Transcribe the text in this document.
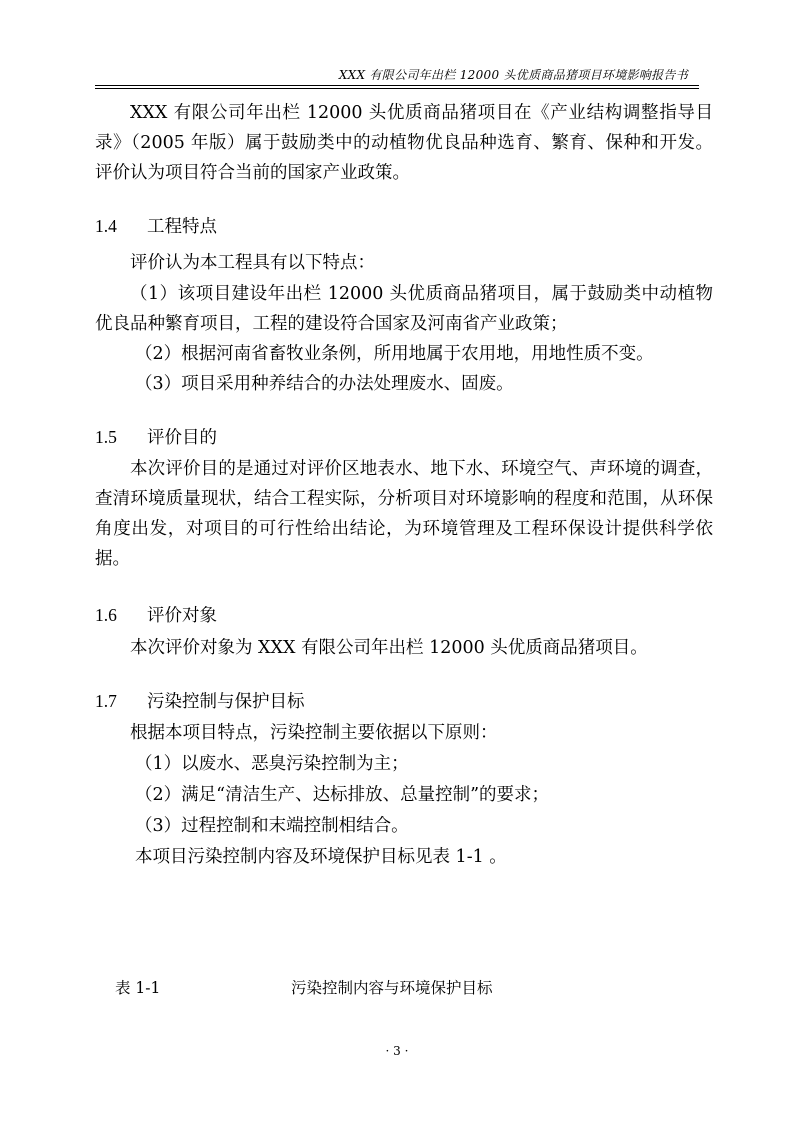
XXX 有限公司年出栏 12000 头优质商品猪项目环境影响报告书

XXX 有限公司年出栏 12000 头优质商品猪项目在《产业结构调整指导目录》（2005 年版）属于鼓励类中的动植物优良品种选育、繁育、保种和开发。评价认为项目符合当前的国家产业政策。

1.4 工程特点

评价认为本工程具有以下特点：

（1）该项目建设年出栏 12000 头优质商品猪项目，属于鼓励类中动植物优良品种繁育项目，工程的建设符合国家及河南省产业政策；

（2）根据河南省畜牧业条例，所用地属于农用地，用地性质不变。

（3）项目采用种养结合的办法处理废水、固废。

1.5 评价目的

本次评价目的是通过对评价区地表水、地下水、环境空气、声环境的调查，查清环境质量现状，结合工程实际，分析项目对环境影响的程度和范围，从环保角度出发，对项目的可行性给出结论，为环境管理及工程环保设计提供科学依据。

1.6 评价对象

本次评价对象为 XXX 有限公司年出栏 12000 头优质商品猪项目。

1.7 污染控制与保护目标

根据本项目特点，污染控制主要依据以下原则：

（1）以废水、恶臭污染控制为主；

（2）满足“清洁生产、达标排放、总量控制”的要求；

（3）过程控制和末端控制相结合。

本项目污染控制内容及环境保护目标见表 1-1 。

表 1-1	污染控制内容与环境保护目标
· 3 ·
